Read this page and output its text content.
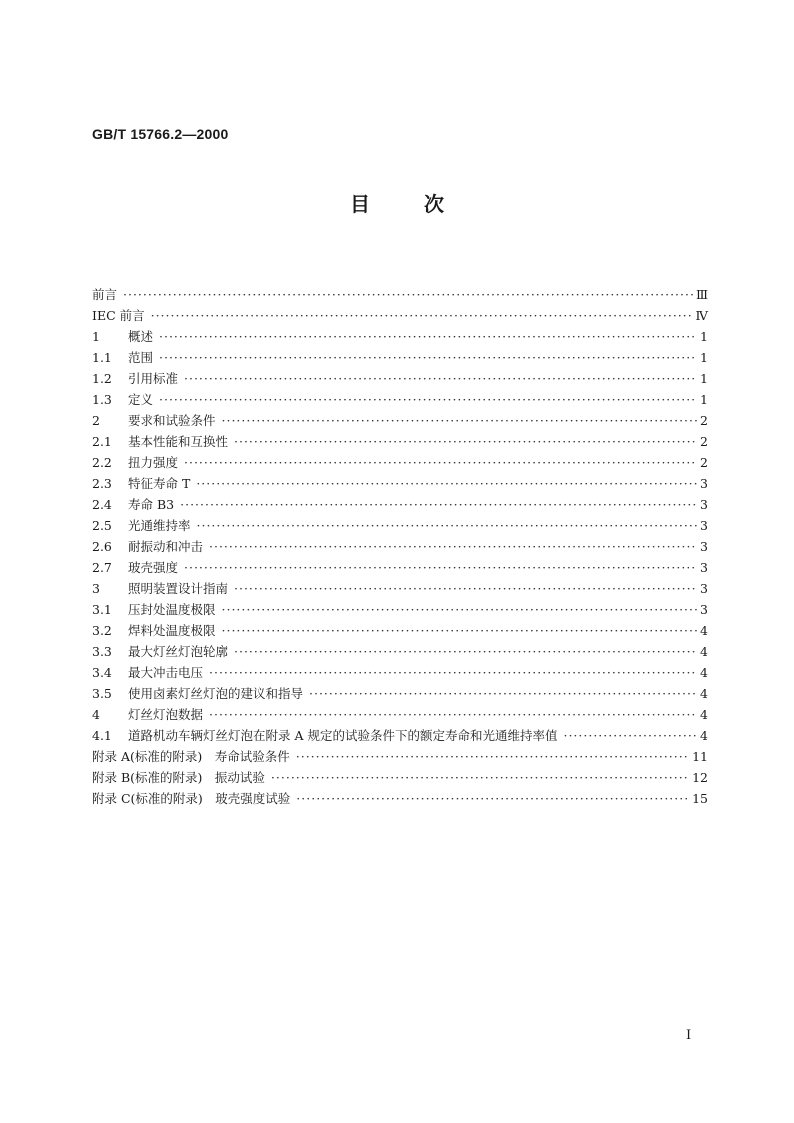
GB/T 15766.2—2000
目次
前言 ·····	Ⅲ
IEC 前言 ·····	Ⅳ
1	概述 ·····	1
1.1	范围 ·····	1
1.2	引用标准 ·····	1
1.3	定义 ·····	1
2	要求和试验条件 ·····	2
2.1	基本性能和互换性 ·····	2
2.2	扭力强度 ·····	2
2.3	特征寿命 T ·····	3
2.4	寿命 B3 ·····	3
2.5	光通维持率 ·····	3
2.6	耐振动和冲击 ·····	3
2.7	玻壳强度 ·····	3
3	照明装置设计指南 ·····	3
3.1	压封处温度极限 ·····	3
3.2	焊料处温度极限 ·····	4
3.3	最大灯丝灯泡轮廓 ·····	4
3.4	最大冲击电压 ·····	4
3.5	使用卤素灯丝灯泡的建议和指导 ·····	4
4	灯丝灯泡数据 ·····	4
4.1	道路机动车辆灯丝灯泡在附录 A 规定的试验条件下的额定寿命和光通维持率值 ·····	4
附录 A(标准的附录)　寿命试验条件 ·····	11
附录 B(标准的附录)　振动试验 ·····	12
附录 C(标准的附录)　玻壳强度试验 ·····	15
I
